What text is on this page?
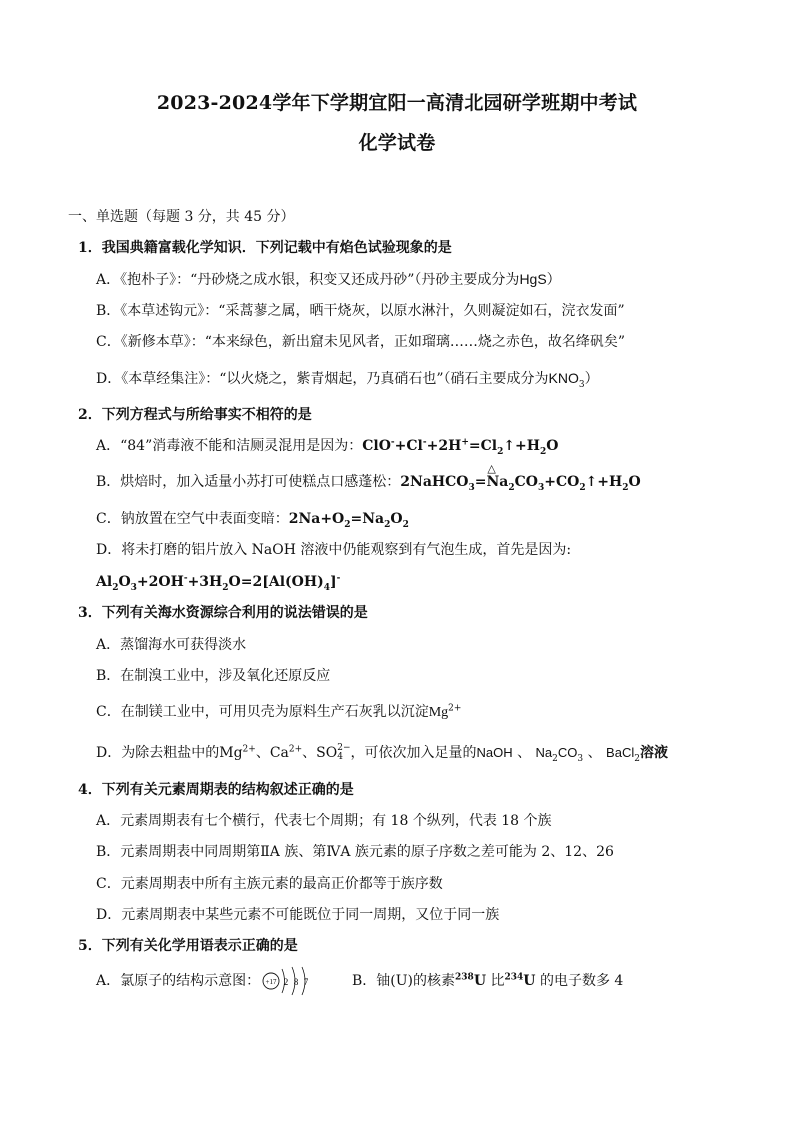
2023-2024学年下学期宜阳一高清北园研学班期中考试
化学试卷
一、单选题（每题 3 分，共 45 分）
1．我国典籍富载化学知识．下列记载中有焰色试验现象的是
A．《抱朴子》：“丹砂烧之成水银，积变又还成丹砂”（丹砂主要成分为HgS）
B．《本草述钩元》：“采蒿蓼之属，晒干烧灰，以原水淋汁，久则凝淀如石，浣衣发面”
C．《新修本草》：“本来绿色，新出窟未见风者，正如瑠璃……烧之赤色，故名绛矾矣”
D．《本草经集注》：“以火烧之，紫青烟起，乃真硝石也”（硝石主要成分为$KNO_3$）
2．下列方程式与所给事实不相符的是
A．“84”消毒液不能和洁厕灵混用是因为：$ClO^-+Cl^-+2H^+=Cl_2↑+H_2O$
B．烘焙时，加入适量小苏打可使糕点口感蓬松：2NaHCO$_3$
△
$=Na_2CO_3+CO_2↑+H_2O$
C．钠放置在空气中表面变暗：$2Na+O_2=Na_2O_2$
D．将未打磨的铝片放入 NaOH 溶液中仍能观察到有气泡生成，首先是因为:
$Al_2O_3+2OH^-+3H_2O=2[Al(OH)_4]^-$
3．下列有关海水资源综合利用的说法错误的是
A．蒸馏海水可获得淡水
B．在制溴工业中，涉及氧化还原反应
C．在制镁工业中，可用贝壳为原料生产石灰乳以沉淀$Mg^{2+}$
D．为除去粗盐中的$Mg^{2+}$、$Ca^{2+}$、SO 2−
4 ，可依次加入足量的NaOH 、 $Na_2CO_3$ 、 BaCl$_2$溶液
4．下列有关元素周期表的结构叙述正确的是
A．元素周期表有七个横行，代表七个周期；有 18 个纵列，代表 18 个族
B．元素周期表中同周期第ⅡA 族、第ⅣA 族元素的原子序数之差可能为 2、12、26
C．元素周期表中所有主族元素的最高正价都等于族序数
D．元素周期表中某些元素不可能既位于同一周期，又位于同一族
5．下列有关化学用语表示正确的是
A．氯原子的结构示意图： +17 2 8 7	B．铀(U)的核素$^{238}$U 比$^{234}$U 的电子数多 4
